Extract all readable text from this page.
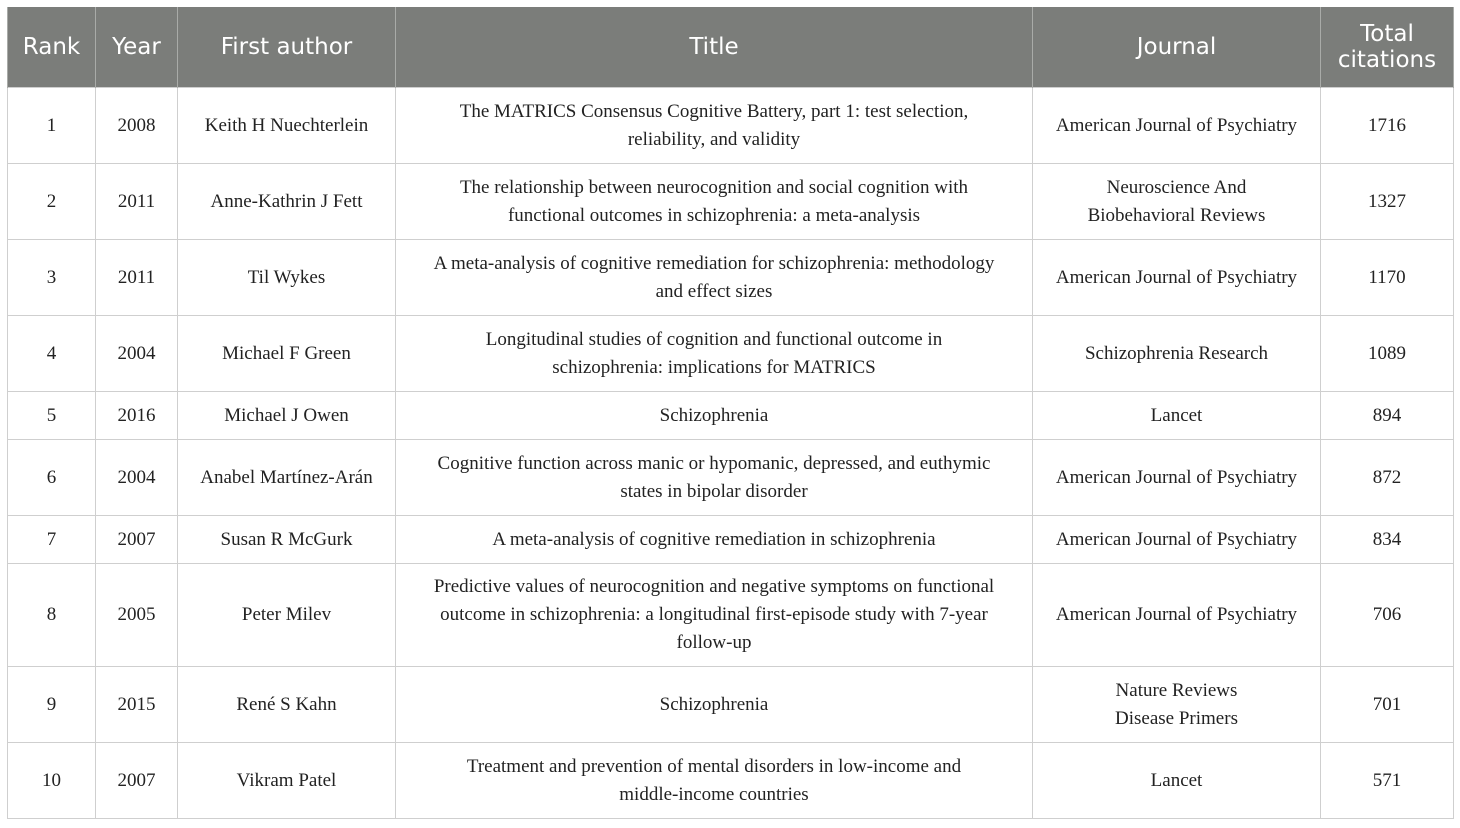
Rank	Year	First author	Title	Journal	Total
citations
1	2008	Keith H Nuechterlein	The MATRICS Consensus Cognitive Battery, part 1: test selection,
reliability, and validity	American Journal of Psychiatry	1716
2	2011	Anne-Kathrin J Fett	The relationship between neurocognition and social cognition with
functional outcomes in schizophrenia: a meta-analysis	Neuroscience And
Biobehavioral Reviews	1327
3	2011	Til Wykes	A meta-analysis of cognitive remediation for schizophrenia: methodology
and effect sizes	American Journal of Psychiatry	1170
4	2004	Michael F Green	Longitudinal studies of cognition and functional outcome in
schizophrenia: implications for MATRICS	Schizophrenia Research	1089
5	2016	Michael J Owen	Schizophrenia	Lancet	894
6	2004	Anabel Martínez-Arán	Cognitive function across manic or hypomanic, depressed, and euthymic
states in bipolar disorder	American Journal of Psychiatry	872
7	2007	Susan R McGurk	A meta-analysis of cognitive remediation in schizophrenia	American Journal of Psychiatry	834
8	2005	Peter Milev	Predictive values of neurocognition and negative symptoms on functional
outcome in schizophrenia: a longitudinal first-episode study with 7-year
follow-up	American Journal of Psychiatry	706
9	2015	René S Kahn	Schizophrenia	Nature Reviews
Disease Primers	701
10	2007	Vikram Patel	Treatment and prevention of mental disorders in low-income and
middle-income countries	Lancet	571
